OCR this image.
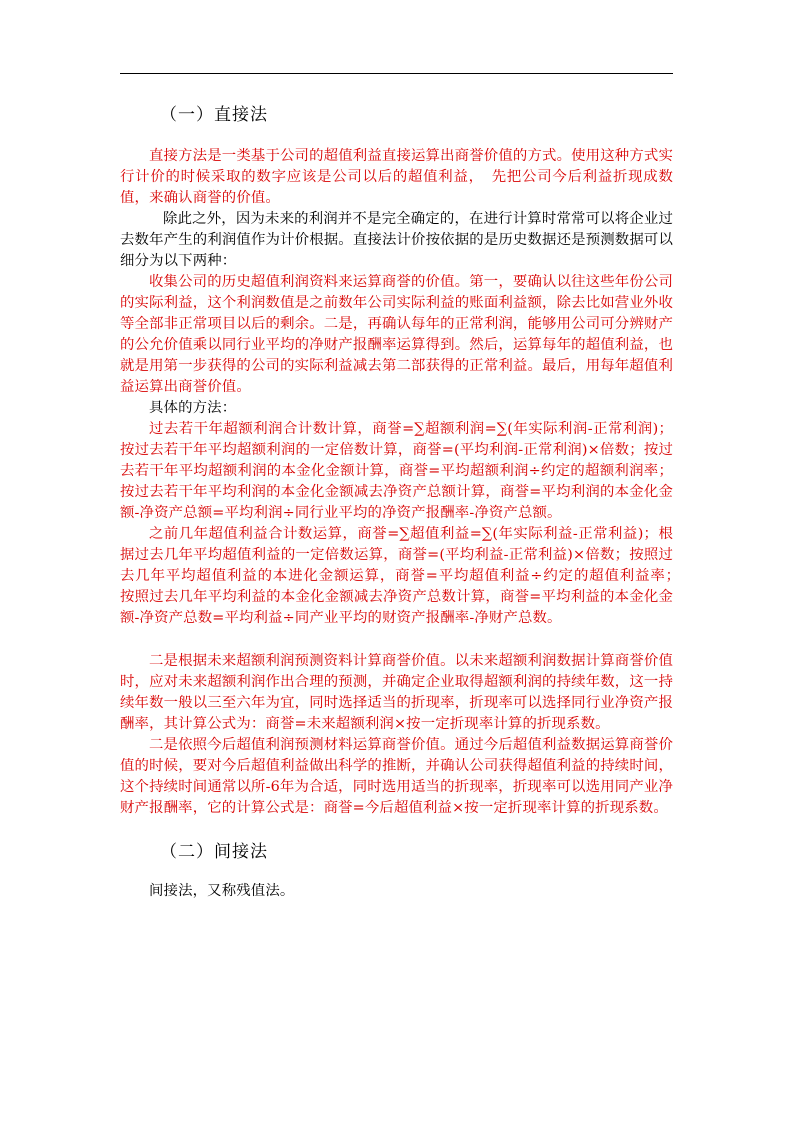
（一）直接法

直接方法是一类基于公司的超值利益直接运算出商誉价值的方式。使用这种方式实行计价的时候采取的数字应该是公司以后的超值利益，　先把公司今后利益折现成数值，来确认商誉的价值。

除此之外，因为未来的利润并不是完全确定的，在进行计算时常常可以将企业过去数年产生的利润值作为计价根据。直接法计价按依据的是历史数据还是预测数据可以细分为以下两种：

收集公司的历史超值利润资料来运算商誉的价值。第一，要确认以往这些年份公司的实际利益，这个利润数值是之前数年公司实际利益的账面利益额，除去比如营业外收等全部非正常项目以后的剩余。二是，再确认每年的正常利润，能够用公司可分辨财产的公允价值乘以同行业平均的净财产报酬率运算得到。然后，运算每年的超值利益，也就是用第一步获得的公司的实际利益减去第二部获得的正常利益。最后，用每年超值利益运算出商誉价值。

具体的方法：

过去若干年超额利润合计数计算，商誉=∑超额利润=∑(年实际利润-正常利润)；按过去若干年平均超额利润的一定倍数计算，商誉=(平均利润-正常利润)×倍数；按过去若干年平均超额利润的本金化金额计算，商誉=平均超额利润÷约定的超额利润率；按过去若干年平均利润的本金化金额减去净资产总额计算，商誉=平均利润的本金化金额-净资产总额=平均利润÷同行业平均的净资产报酬率-净资产总额。

之前几年超值利益合计数运算，商誉=∑超值利益=∑(年实际利益-正常利益)；根据过去几年平均超值利益的一定倍数运算，商誉=(平均利益-正常利益)×倍数；按照过去几年平均超值利益的本进化金额运算，商誉=平均超值利益÷约定的超值利益率；　按照过去几年平均利益的本金化金额减去净资产总数计算，商誉=平均利益的本金化金额-净资产总数=平均利益÷同产业平均的财资产报酬率-净财产总数。

二是根据未来超额利润预测资料计算商誉价值。以未来超额利润数据计算商誉价值时，应对未来超额利润作出合理的预测，并确定企业取得超额利润的持续年数，这一持续年数一般以三至六年为宜，同时选择适当的折现率，折现率可以选择同行业净资产报酬率，其计算公式为：商誉=未来超额利润×按一定折现率计算的折现系数。

二是依照今后超值利润预测材料运算商誉价值。通过今后超值利益数据运算商誉价值的时候，要对今后超值利益做出科学的推断，并确认公司获得超值利益的持续时间，这个持续时间通常以所-6年为合适，同时选用适当的折现率，折现率可以选用同产业净财产报酬率，它的计算公式是：商誉=今后超值利益×按一定折现率计算的折现系数。

（二）间接法

间接法，又称残值法。
